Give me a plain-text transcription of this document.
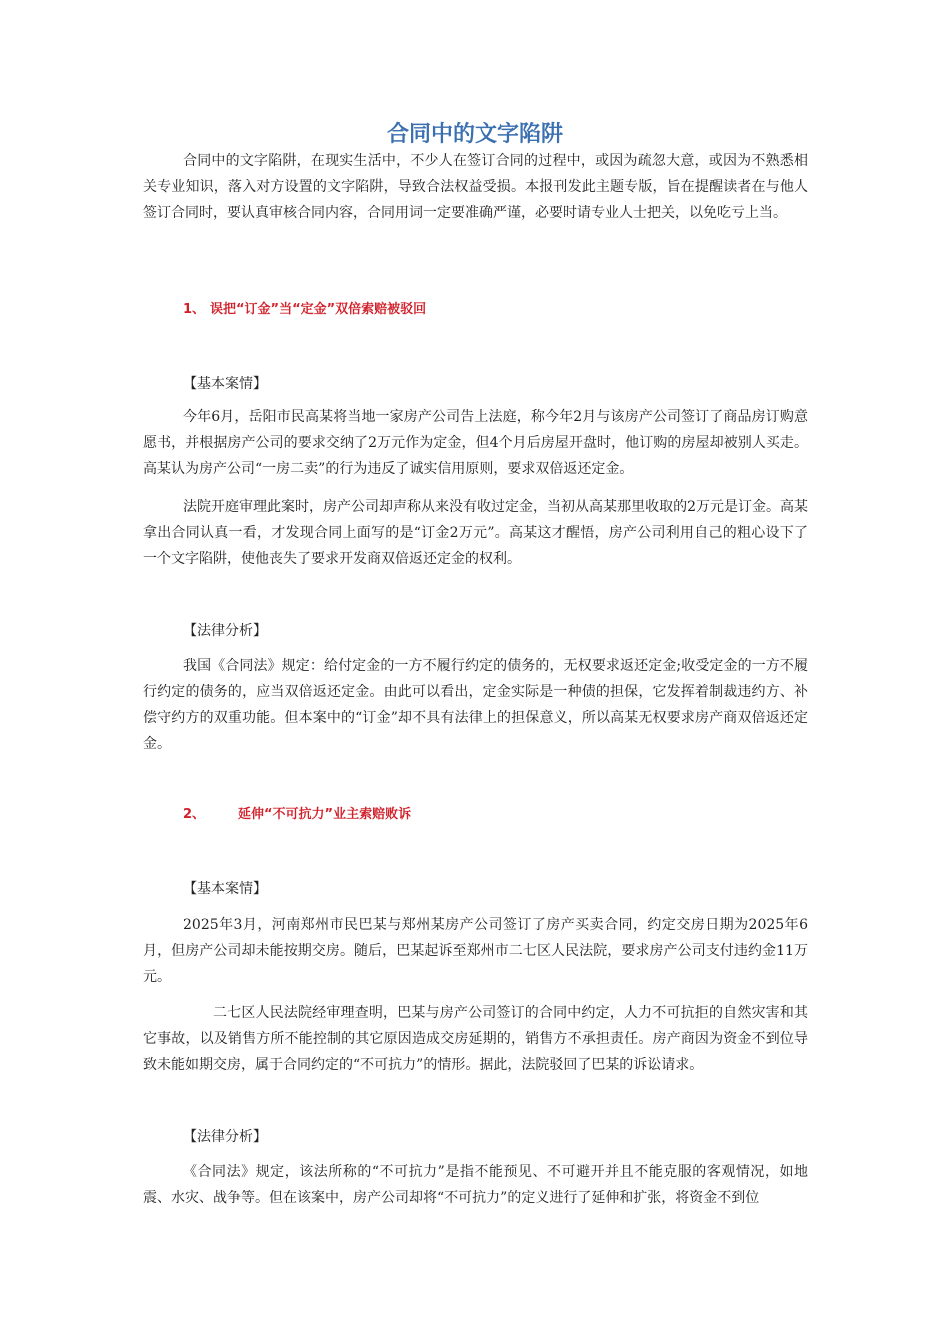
合同中的文字陷阱

合同中的文字陷阱，在现实生活中，不少人在签订合同的过程中，或因为疏忽大意，或因为不熟悉相关专业知识，落入对方设置的文字陷阱，导致合法权益受损。本报刊发此主题专版，旨在提醒读者在与他人签订合同时，要认真审核合同内容，合同用词一定要准确严谨，必要时请专业人士把关，以免吃亏上当。

1、 误把“订金”当“定金”双倍索赔被驳回
【基本案情】

今年6月，岳阳市民高某将当地一家房产公司告上法庭，称今年2月与该房产公司签订了商品房订购意愿书，并根据房产公司的要求交纳了2万元作为定金，但4个月后房屋开盘时，他订购的房屋却被别人买走。高某认为房产公司“一房二卖”的行为违反了诚实信用原则，要求双倍返还定金。

法院开庭审理此案时，房产公司却声称从来没有收过定金，当初从高某那里收取的2万元是订金。高某拿出合同认真一看，才发现合同上面写的是“订金2万元”。高某这才醒悟，房产公司利用自己的粗心设下了一个文字陷阱，使他丧失了要求开发商双倍返还定金的权利。

【法律分析】

我国《合同法》规定：给付定金的一方不履行约定的债务的，无权要求返还定金;收受定金的一方不履行约定的债务的，应当双倍返还定金。由此可以看出，定金实际是一种债的担保，它发挥着制裁违约方、补偿守约方的双重功能。但本案中的“订金”却不具有法律上的担保意义，所以高某无权要求房产商双倍返还定金。

2、	延伸“不可抗力”业主索赔败诉
【基本案情】

2025年3月，河南郑州市民巴某与郑州某房产公司签订了房产买卖合同，约定交房日期为2025年6月，但房产公司却未能按期交房。随后，巴某起诉至郑州市二七区人民法院，要求房产公司支付违约金11万元。

二七区人民法院经审理查明，巴某与房产公司签订的合同中约定，人力不可抗拒的自然灾害和其它事故，以及销售方所不能控制的其它原因造成交房延期的，销售方不承担责任。房产商因为资金不到位导致未能如期交房，属于合同约定的“不可抗力”的情形。据此，法院驳回了巴某的诉讼请求。

【法律分析】

《合同法》规定，该法所称的“不可抗力”是指不能预见、不可避开并且不能克服的客观情况，如地震、水灾、战争等。但在该案中，房产公司却将“不可抗力”的定义进行了延伸和扩张，将资金不到位
